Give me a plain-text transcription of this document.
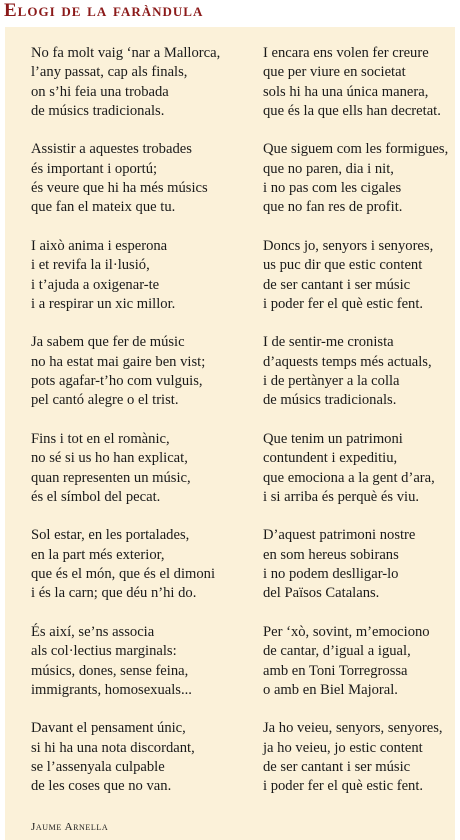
Elogi de la faràndula
No fa molt vaig ‘nar a Mallorca,
l’any passat, cap als finals,
on s’hi feia una trobada
de músics tradicionals.
Assistir a aquestes trobades
és important i oportú;
és veure que hi ha més músics
que fan el mateix que tu.
I això anima i esperona
i et revifa la il·lusió,
i t’ajuda a oxigenar-te
i a respirar un xic millor.
Ja sabem que fer de músic
no ha estat mai gaire ben vist;
pots agafar-t’ho com vulguis,
pel cantó alegre o el trist.
Fins i tot en el romànic,
no sé si us ho han explicat,
quan representen un músic,
és el símbol del pecat.
Sol estar, en les portalades,
en la part més exterior,
que és el món, que és el dimoni
i és la carn; que déu n’hi do.
És així, se’ns associa
als col·lectius marginals:
músics, dones, sense feina,
immigrants, homosexuals...
Davant el pensament únic,
si hi ha una nota discordant,
se l’assenyala culpable
de les coses que no van.
I encara ens volen fer creure
que per viure en societat
sols hi ha una única manera,
que és la que ells han decretat.
Que siguem com les formigues,
que no paren, dia i nit,
i no pas com les cigales
que no fan res de profit.
Doncs jo, senyors i senyores,
us puc dir que estic content
de ser cantant i ser músic
i poder fer el què estic fent.
I de sentir-me cronista
d’aquests temps més actuals,
i de pertànyer a la colla
de músics tradicionals.
Que tenim un patrimoni
contundent i expeditiu,
que emociona a la gent d’ara,
i si arriba és perquè és viu.
D’aquest patrimoni nostre
en som hereus sobirans
i no podem deslligar-lo
del Països Catalans.
Per ‘xò, sovint, m’emociono
de cantar, d’igual a igual,
amb en Toni Torregrossa
o amb en Biel Majoral.
Ja ho veieu, senyors, senyores,
ja ho veieu, jo estic content
de ser cantant i ser músic
i poder fer el què estic fent.
Jaume Arnella
